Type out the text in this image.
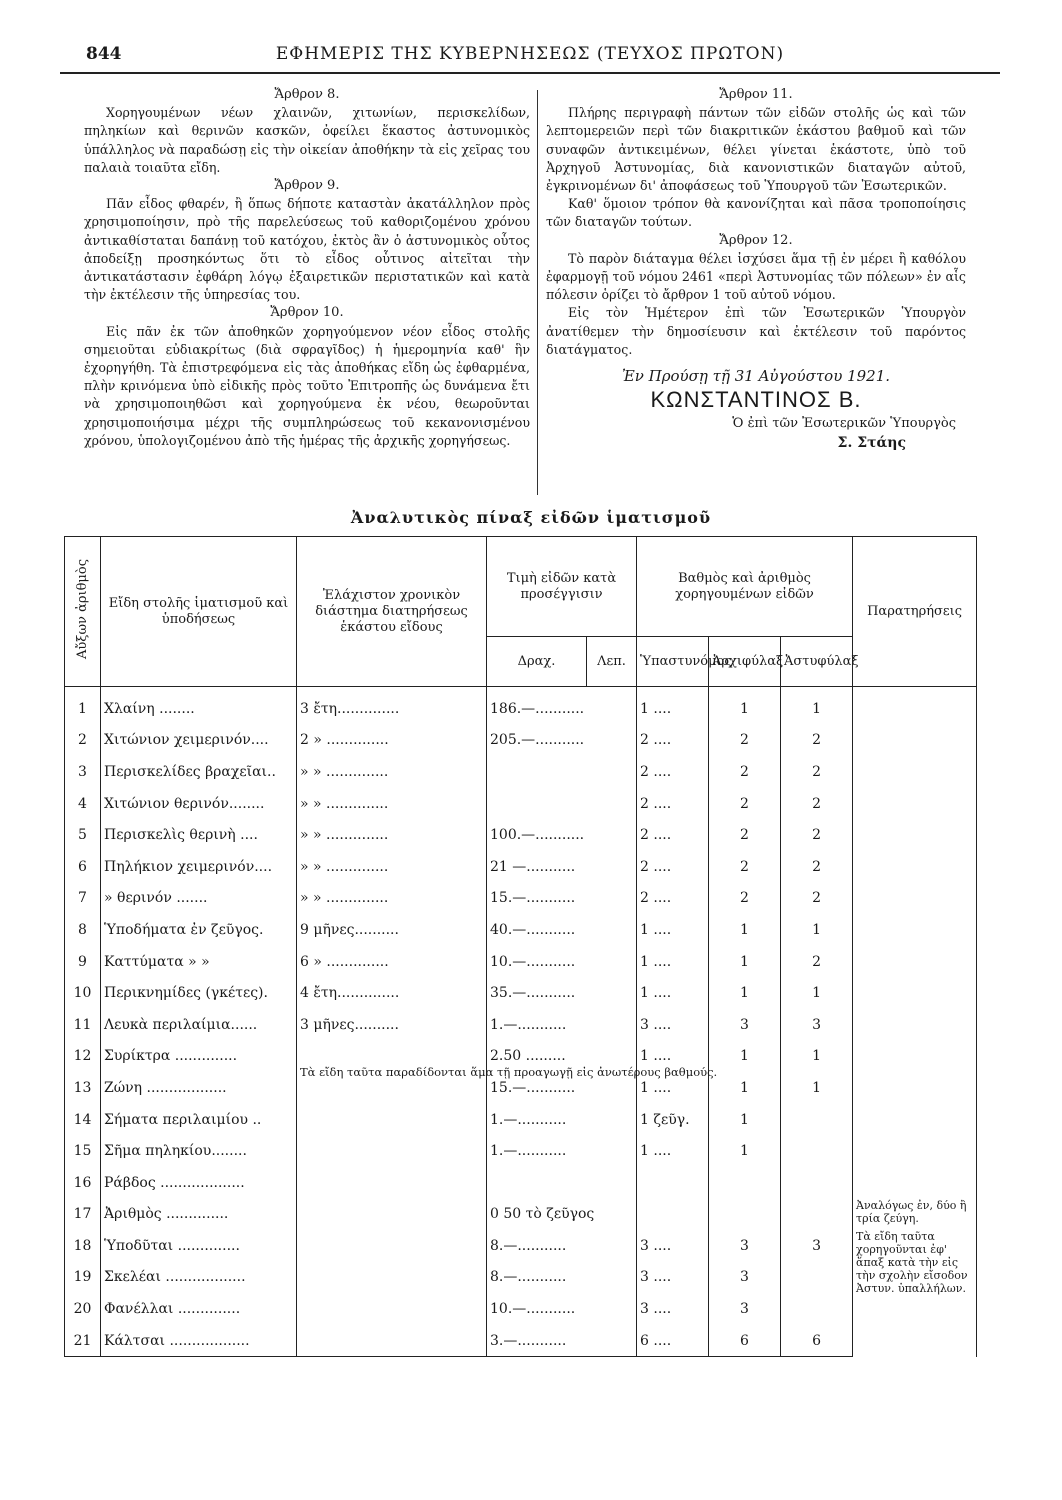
844	ΕΦΗΜΕΡΙΣ ΤΗΣ ΚΥΒΕΡΝΗΣΕΩΣ (ΤΕΥΧΟΣ ΠΡΩΤΟΝ)

Ἄρθρον 8.

Χορηγουμένων νέων χλαινῶν, χιτωνίων, περισκελίδων, πηληκίων καὶ θερινῶν κασκῶν, ὀφείλει ἕκαστος ἀστυνομικὸς ὑπάλληλος νὰ παραδώσῃ εἰς τὴν οἰκείαν ἀποθήκην τὰ εἰς χεῖρας του παλαιὰ τοιαῦτα εἴδη.

Ἄρθρον 9.

Πᾶν εἶδος φθαρέν, ἢ ὅπως δήποτε καταστὰν ἀκατάλληλον πρὸς χρησιμοποίησιν, πρὸ τῆς παρελεύσεως τοῦ καθοριζομένου χρόνου ἀντικαθίσταται δαπάνῃ τοῦ κατόχου, ἐκτὸς ἂν ὁ ἀστυνομικὸς οὗτος ἀποδείξῃ προσηκόντως ὅτι τὸ εἶδος οὗτινος αἰτεῖται τὴν ἀντικατάστασιν ἐφθάρη λόγῳ ἐξαιρετικῶν περιστατικῶν καὶ κατὰ τὴν ἐκτέλεσιν τῆς ὑπηρεσίας του.

Ἄρθρον 10.

Εἰς πᾶν ἐκ τῶν ἀποθηκῶν χορηγούμενον νέον εἶδος στολῆς σημειοῦται εὐδιακρίτως (διὰ σφραγῖδος) ἡ ἡμερομηνία καθ' ἣν ἐχορηγήθη. Τὰ ἐπιστρεφόμενα εἰς τὰς ἀποθήκας εἴδη ὡς ἐφθαρμένα, πλὴν κρινόμενα ὑπὸ εἰδικῆς πρὸς τοῦτο Ἐπιτροπῆς ὡς δυνάμενα ἔτι νὰ χρησιμοποιηθῶσι καὶ χορηγούμενα ἐκ νέου, θεωροῦνται χρησιμοποιήσιμα μέχρι τῆς συμπληρώσεως τοῦ κεκανονισμένου χρόνου, ὑπολογιζομένου ἀπὸ τῆς ἡμέρας τῆς ἀρχικῆς χορηγήσεως.

Ἄρθρον 11.

Πλήρης περιγραφὴ πάντων τῶν εἰδῶν στολῆς ὡς καὶ τῶν λεπτομερειῶν περὶ τῶν διακριτικῶν ἑκάστου βαθμοῦ καὶ τῶν συναφῶν ἀντικειμένων, θέλει γίνεται ἑκάστοτε, ὑπὸ τοῦ Ἀρχηγοῦ Ἀστυνομίας, διὰ κανονιστικῶν διαταγῶν αὐτοῦ, ἐγκρινομένων δι' ἀποφάσεως τοῦ Ὑπουργοῦ τῶν Ἐσωτερικῶν.

Καθ' ὅμοιον τρόπον θὰ κανονίζηται καὶ πᾶσα τροποποίησις τῶν διαταγῶν τούτων.

Ἄρθρον 12.

Τὸ παρὸν διάταγμα θέλει ἰσχύσει ἅμα τῇ ἐν μέρει ἢ καθόλου ἐφαρμογῇ τοῦ νόμου 2461 «περὶ Ἀστυνομίας τῶν πόλεων» ἐν αἷς πόλεσιν ὁρίζει τὸ ἄρθρον 1 τοῦ αὐτοῦ νόμου.

Εἰς τὸν Ἡμέτερον ἐπὶ τῶν Ἐσωτερικῶν Ὑπουργὸν ἀνατίθεμεν τὴν δημοσίευσιν καὶ ἐκτέλεσιν τοῦ παρόντος διατάγματος.

Ἐν Προύσῃ τῇ 31 Αὐγούστου 1921.
ΚΩΝΣΤΑΝΤΙΝΟΣ Β.
Ὁ ἐπὶ τῶν Ἐσωτερικῶν Ὑπουργὸς
Σ. Στάης
Ἀναλυτικὸς πίναξ εἰδῶν ἱματισμοῦ
Αὔξων ἀριθμὸς	Εἴδη στολῆς ἱματισμοῦ καὶ ὑποδήσεως	Ἐλάχιστον χρονικὸν διάστημα διατηρήσεως ἑκάστου εἴδους	Τιμὴ εἰδῶν κατὰ προσέγγισιν		Βαθμὸς καὶ ἀριθμὸς χορηγουμένων εἰδῶν			Παρατηρήσεις
			Δραχ.	Λεπ.	Ὑπαστυνόμος	Ἀρχιφύλαξ	Ἀστυφύλαξ	
1	Χλαίνη ........	3 ἔτη..............	186.—...........		1 ....	1	1	
2	Χιτώνιον χειμερινόν....	2 » ..............	205.—...........		2 ....	2	2	
3	Περισκελίδες βραχεῖαι..	» » ..............			2 ....	2	2	
4	Χιτώνιον θερινόν........	» » ..............			2 ....	2	2	
5	Περισκελὶς θερινὴ ....	» » ..............	100.—...........		2 ....	2	2	
6	Πηλήκιον χειμερινόν....	» » ..............	21 —...........		2 ....	2	2	
7	» θερινόν .......	» » ..............	15.—...........		2 ....	2	2	
8	Ὑποδήματα ἐν ζεῦγος.	9 μῆνες..........	40.—...........		1 ....	1	1	
9	Καττύματα » »	6 » ..............	10.—...........		1 ....	1	2	
10	Περικνημίδες (γκέτες).	4 ἔτη..............	35.—...........		1 ....	1	1	
11	Λευκὰ περιλαίμια......	3 μῆνες..........	1.—...........		3 ....	3	3	
12	Συρίκτρα ..............	Τὰ εἴδη ταῦτα παραδίδονται ἅμα τῇ προαγωγῇ εἰς ἀνωτέρους βαθμούς.	2.50 .........		1 ....	1	1	
13	Ζώνη ..................		15.—...........		1 ....	1	1	
14	Σήματα περιλαιμίου ..		1.—...........		1 ζεῦγ.	1		
15	Σῆμα πηληκίου........		1.—...........		1 ....	1		
16	Ράβδος ...................							
17	Ἀριθμὸς ..............		0 50 τὸ ζεῦγος					Ἀναλόγως ἐν, δύο ἢ τρία ζεύγη.
18	Ὑποδῦται ..............		8.—...........		3 ....	3	3	Τὰ εἴδη ταῦτα χορηγοῦνται ἐφ' ἅπαξ κατὰ τὴν εἰς τὴν σχολὴν εἴσοδον Ἀστυν. ὑπαλλήλων.
19	Σκελέαι ..................		8.—...........		3 ....	3		
20	Φανέλλαι ..............		10.—...........		3 ....	3		
21	Κάλτσαι ..................		3.—...........		6 ....	6	6	
